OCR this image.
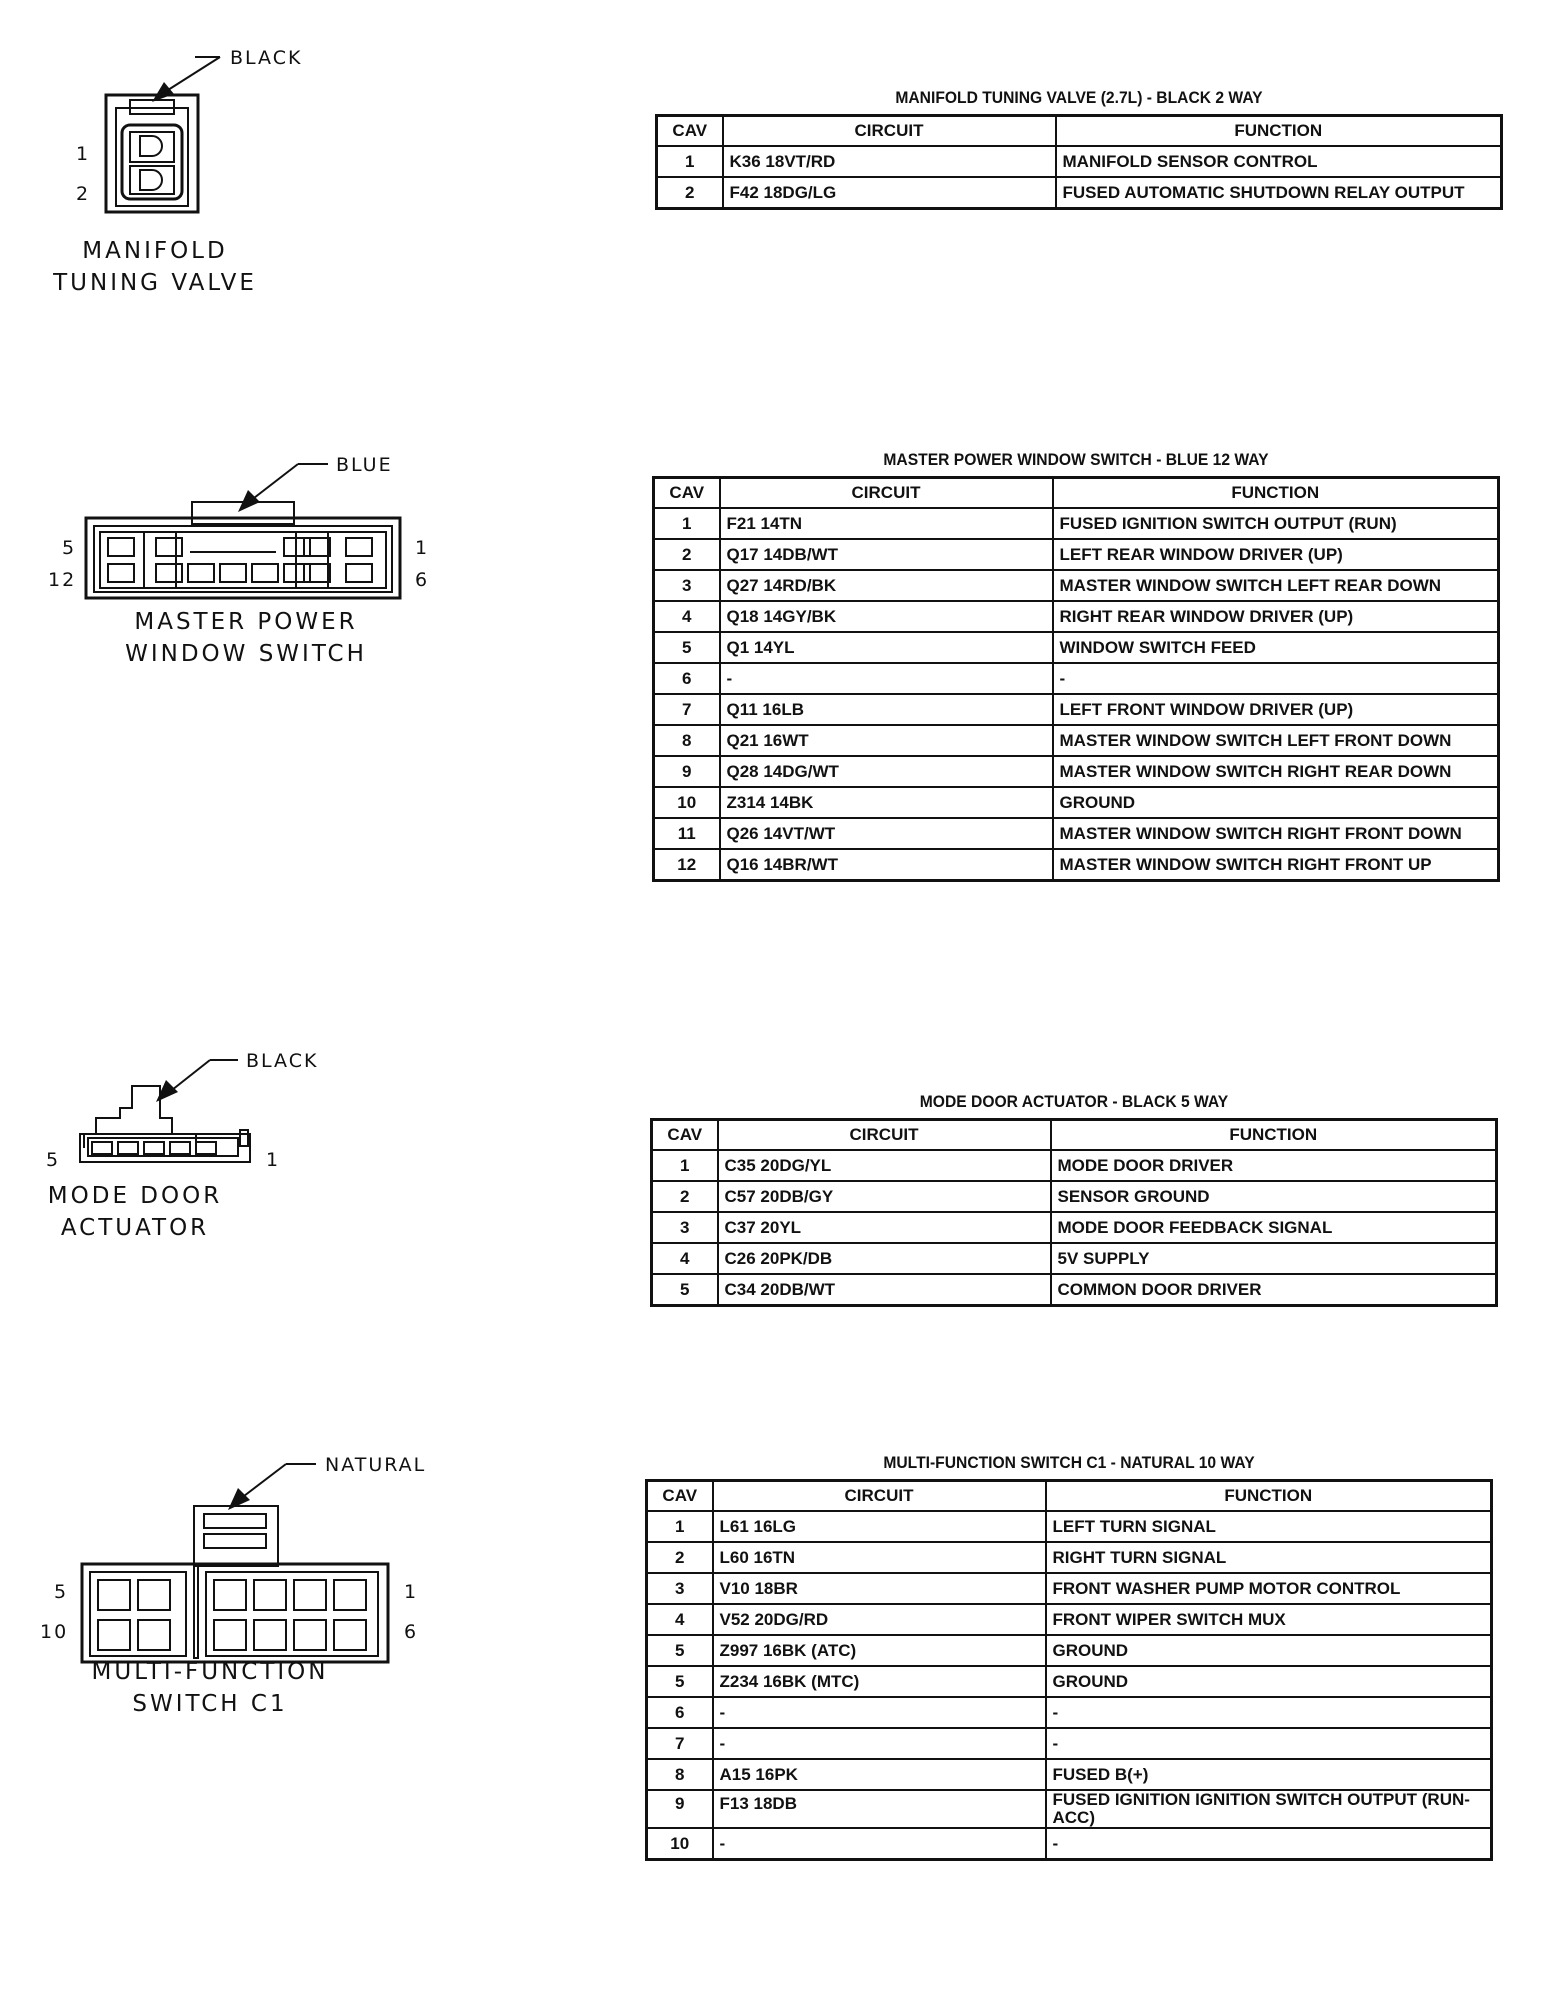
BLACK
1
2
MANIFOLD
TUNING VALVE
MANIFOLD TUNING VALVE (2.7L) - BLACK 2 WAY
CAV	CIRCUIT	FUNCTION
1	K36 18VT/RD	MANIFOLD SENSOR CONTROL
2	F42 18DG/LG	FUSED AUTOMATIC SHUTDOWN RELAY OUTPUT
BLUE
5
12
1
6
MASTER POWER
WINDOW SWITCH
MASTER POWER WINDOW SWITCH - BLUE 12 WAY
CAV	CIRCUIT	FUNCTION
1	F21 14TN	FUSED IGNITION SWITCH OUTPUT (RUN)
2	Q17 14DB/WT	LEFT REAR WINDOW DRIVER (UP)
3	Q27 14RD/BK	MASTER WINDOW SWITCH LEFT REAR DOWN
4	Q18 14GY/BK	RIGHT REAR WINDOW DRIVER (UP)
5	Q1 14YL	WINDOW SWITCH FEED
6	-	-
7	Q11 16LB	LEFT FRONT WINDOW DRIVER (UP)
8	Q21 16WT	MASTER WINDOW SWITCH LEFT FRONT DOWN
9	Q28 14DG/WT	MASTER WINDOW SWITCH RIGHT REAR DOWN
10	Z314 14BK	GROUND
11	Q26 14VT/WT	MASTER WINDOW SWITCH RIGHT FRONT DOWN
12	Q16 14BR/WT	MASTER WINDOW SWITCH RIGHT FRONT UP
BLACK
5	1
MODE DOOR
ACTUATOR
MODE DOOR ACTUATOR - BLACK 5 WAY
CAV	CIRCUIT	FUNCTION
1	C35 20DG/YL	MODE DOOR DRIVER
2	C57 20DB/GY	SENSOR GROUND
3	C37 20YL	MODE DOOR FEEDBACK SIGNAL
4	C26 20PK/DB	5V SUPPLY
5	C34 20DB/WT	COMMON DOOR DRIVER
NATURAL
5
10
1
6
MULTI-FUNCTION
SWITCH C1
MULTI-FUNCTION SWITCH C1 - NATURAL 10 WAY
CAV	CIRCUIT	FUNCTION
1	L61 16LG	LEFT TURN SIGNAL
2	L60 16TN	RIGHT TURN SIGNAL
3	V10 18BR	FRONT WASHER PUMP MOTOR CONTROL
4	V52 20DG/RD	FRONT WIPER SWITCH MUX
5	Z997 16BK (ATC)	GROUND
5	Z234 16BK (MTC)	GROUND
6	-	-
7	-	-
8	A15 16PK	FUSED B(+)
9	F13 18DB	FUSED IGNITION IGNITION SWITCH OUTPUT (RUN-ACC)
10	-	-
